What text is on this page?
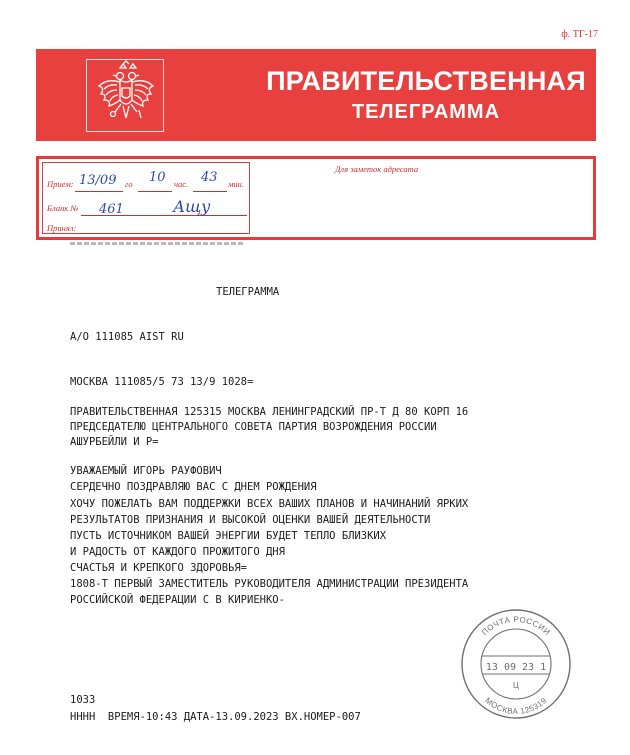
ф. ТГ-17
ПРАВИТЕЛЬСТВЕННАЯ
ТЕЛЕГРАММА
Прием: 13/09 го 10 час. 43 мин.
Бланк № 461	Ащу
Принял:
Для заметок адресата
ТЕЛЕГРАММА
A/O 111085 AIST RU
МОСКВА 111085/5 73 13/9 1028=
ПРАВИТЕЛЬСТВЕННАЯ 125315 МОСКВА ЛЕНИНГРАДСКИЙ ПР-Т Д 80 КОРП 16
ПРЕДСЕДАТЕЛЮ ЦЕНТРАЛЬНОГО СОВЕТА ПАРТИЯ ВОЗРОЖДЕНИЯ РОССИИ
АШУРБЕЙЛИ И Р=
УВАЖАЕМЫЙ ИГОРЬ РАУФОВИЧ
СЕРДЕЧНО ПОЗДРАВЛЯЮ ВАС С ДНЕМ РОЖДЕНИЯ
ХОЧУ ПОЖЕЛАТЬ ВАМ ПОДДЕРЖКИ ВСЕХ ВАШИХ ПЛАНОВ И НАЧИНАНИЙ ЯРКИХ
РЕЗУЛЬТАТОВ ПРИЗНАНИЯ И ВЫСОКОЙ ОЦЕНКИ ВАШЕЙ ДЕЯТЕЛЬНОСТИ
ПУСТЬ ИСТОЧНИКОМ ВАШЕЙ ЭНЕРГИИ БУДЕТ ТЕПЛО БЛИЗКИХ
И РАДОСТЬ ОТ КАЖДОГО ПРОЖИТОГО ДНЯ
СЧАСТЬЯ И КРЕПКОГО ЗДОРОВЬЯ=
1808-Т ПЕРВЫЙ ЗАМЕСТИТЕЛЬ РУКОВОДИТЕЛЯ АДМИНИСТРАЦИИ ПРЕЗИДЕНТА
РОССИЙСКОЙ ФЕДЕРАЦИИ С В КИРИЕНКО-
1033
НННН  ВРЕМЯ-10:43 ДАТА-13.09.2023 ВХ.НОМЕР-007
ПОЧТА РОССИИ
МОСКВА 125319
13 09 23 1
Ц
